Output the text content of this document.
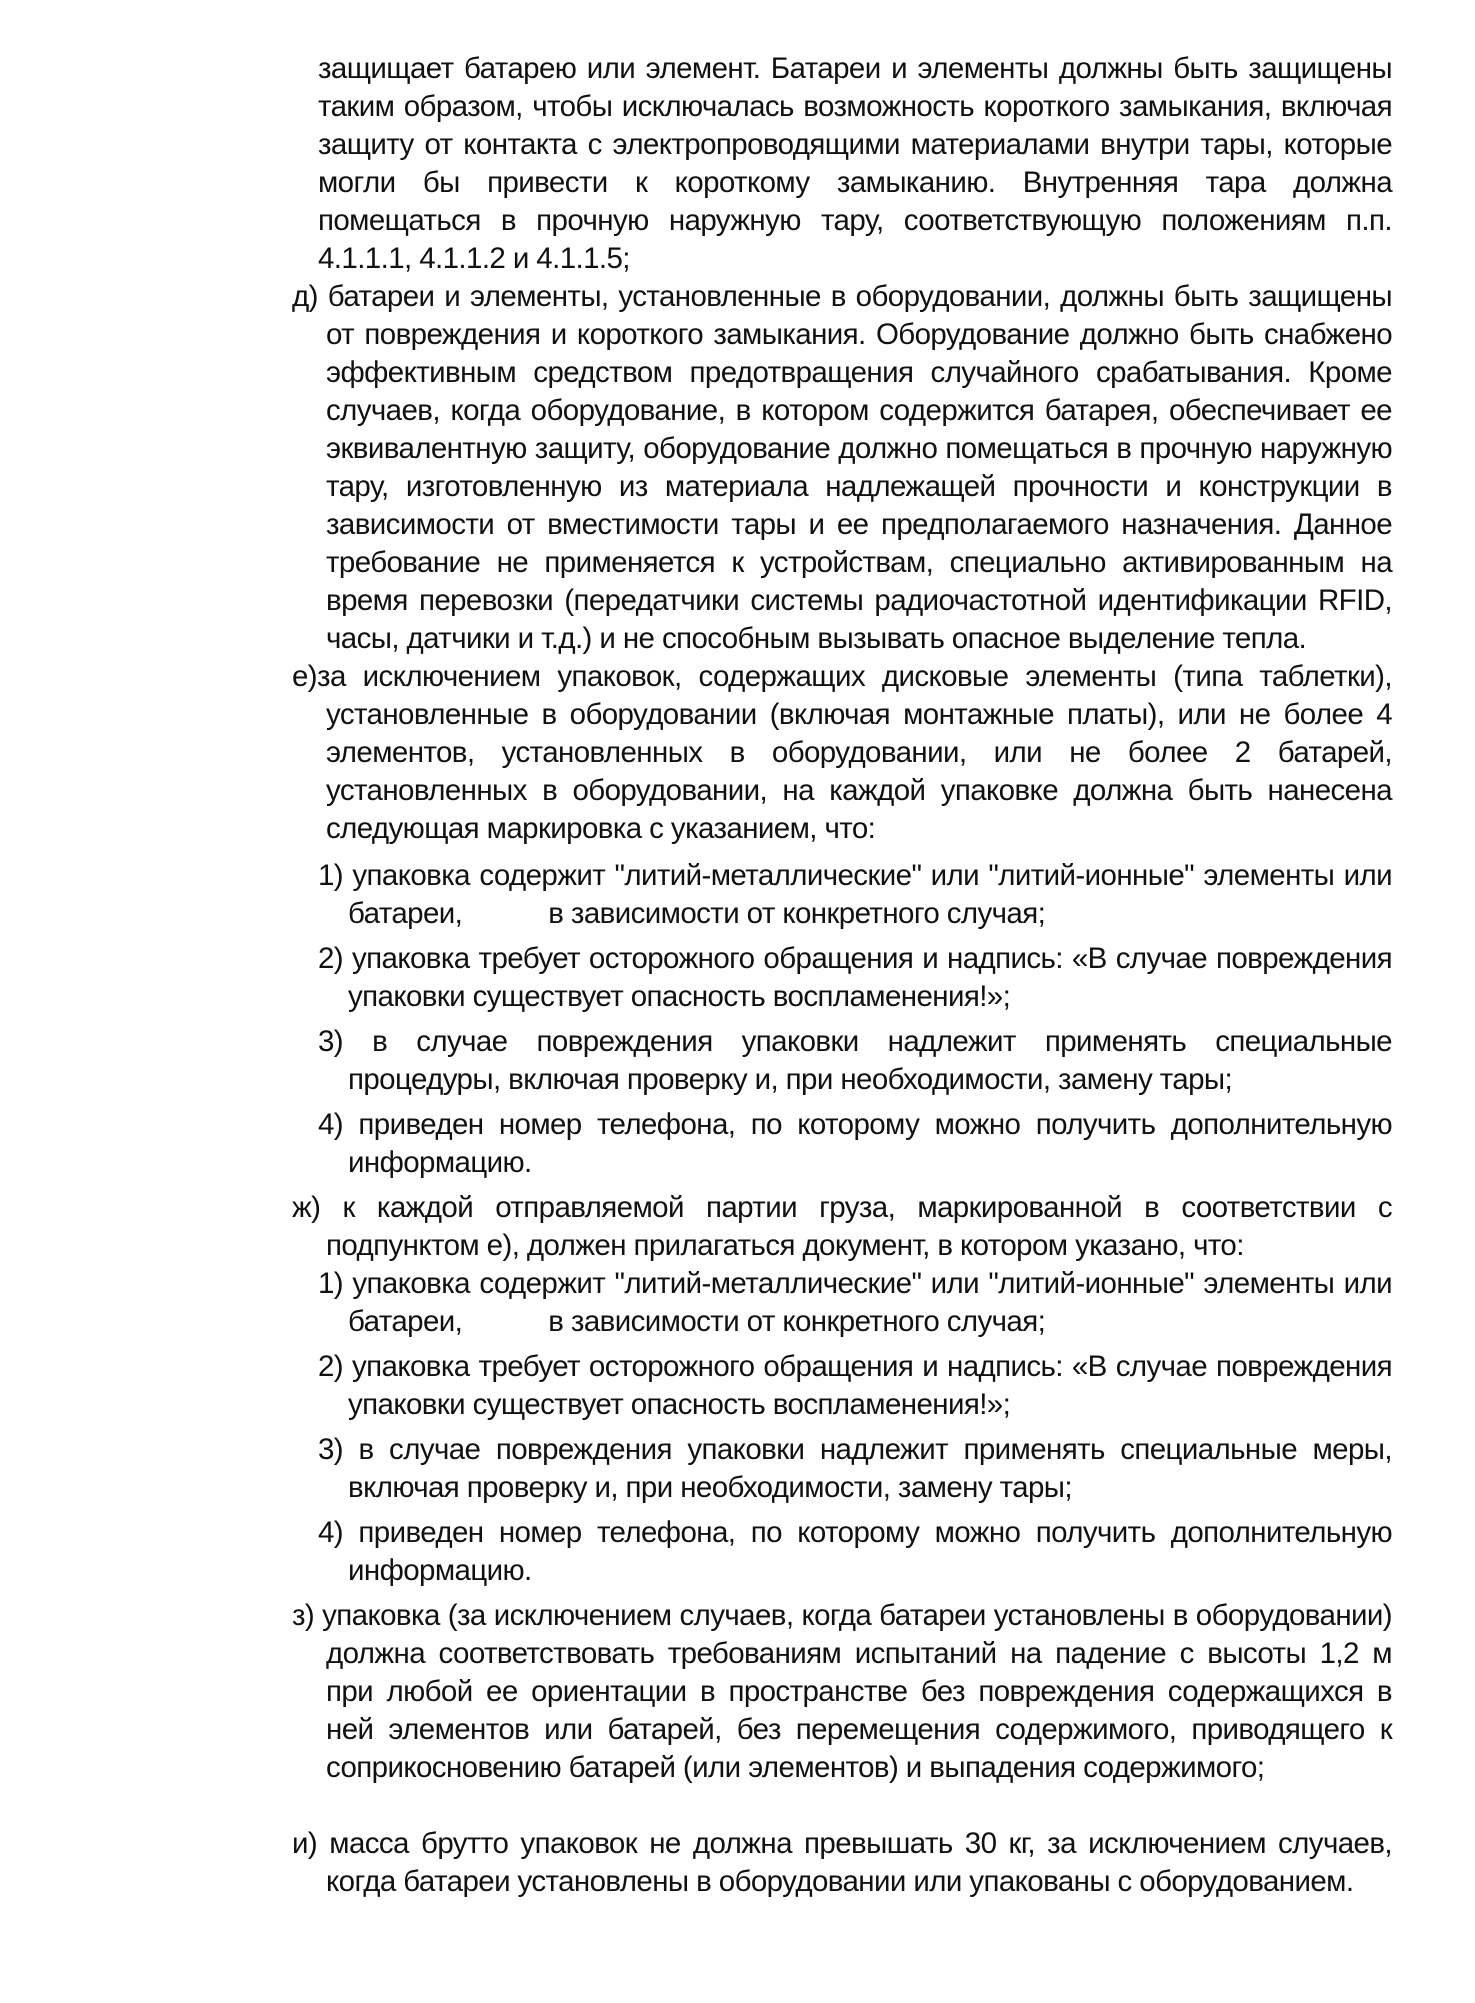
защищает батарею или элемент. Батареи и элементы должны быть защищены таким образом, чтобы исключалась возможность короткого замыкания, включая защиту от контакта с электропроводящими материалами внутри тары, которые могли бы привести к короткому замыканию. Внутренняя тара должна помещаться в прочную наружную тару, соответствующую положениям п.п. 4.1.1.1, 4.1.1.2 и 4.1.1.5;

д) батареи и элементы, установленные в оборудовании, должны быть защищены от повреждения и короткого замыкания. Оборудование должно быть снабжено эффективным средством предотвращения случайного срабатывания. Кроме случаев, когда оборудование, в котором содержится батарея, обеспечивает ее эквивалентную защиту, оборудование должно помещаться в прочную наружную тару, изготовленную из материала надлежащей прочности и конструкции в зависимости от вместимости тары и ее предполагаемого назначения. Данное требование не применяется к устройствам, специально активированным на время перевозки (передатчики системы радиочастотной идентификации RFID, часы, датчики и т.д.) и не способным вызывать опасное выделение тепла.

е)за исключением упаковок, содержащих дисковые элементы (типа таблетки), установленные в оборудовании (включая монтажные платы), или не более 4 элементов, установленных в оборудовании, или не более 2 батарей, установленных в оборудовании, на каждой упаковке должна быть нанесена следующая маркировка с указанием, что:

1) упаковка содержит "литий-металлические" или "литий-ионные" элементы или батареи,	в зависимости от конкретного случая;

2) упаковка требует осторожного обращения и надпись: «В случае повреждения упаковки существует опасность воспламенения!»;

3) в случае повреждения упаковки надлежит применять специальные процедуры, включая проверку и, при необходимости, замену тары;

4) приведен номер телефона, по которому можно получить дополнительную информацию.

ж) к каждой отправляемой партии груза, маркированной в соответствии с подпунктом е), должен прилагаться документ, в котором указано, что:

1) упаковка содержит "литий-металлические" или "литий-ионные" элементы или батареи,	в зависимости от конкретного случая;

2) упаковка требует осторожного обращения и надпись: «В случае повреждения упаковки существует опасность воспламенения!»;

3) в случае повреждения упаковки надлежит применять специальные меры, включая проверку и, при необходимости, замену тары;

4) приведен номер телефона, по которому можно получить дополнительную информацию.

з) упаковка (за исключением случаев, когда батареи установлены в оборудовании) должна соответствовать требованиям испытаний на падение с высоты 1,2 м при любой ее ориентации в пространстве без повреждения содержащихся в ней элементов или батарей, без перемещения содержимого, приводящего к соприкосновению батарей (или элементов) и выпадения содержимого;

и) масса брутто упаковок не должна превышать 30 кг, за исключением случаев, когда батареи установлены в оборудовании или упакованы с оборудованием.
